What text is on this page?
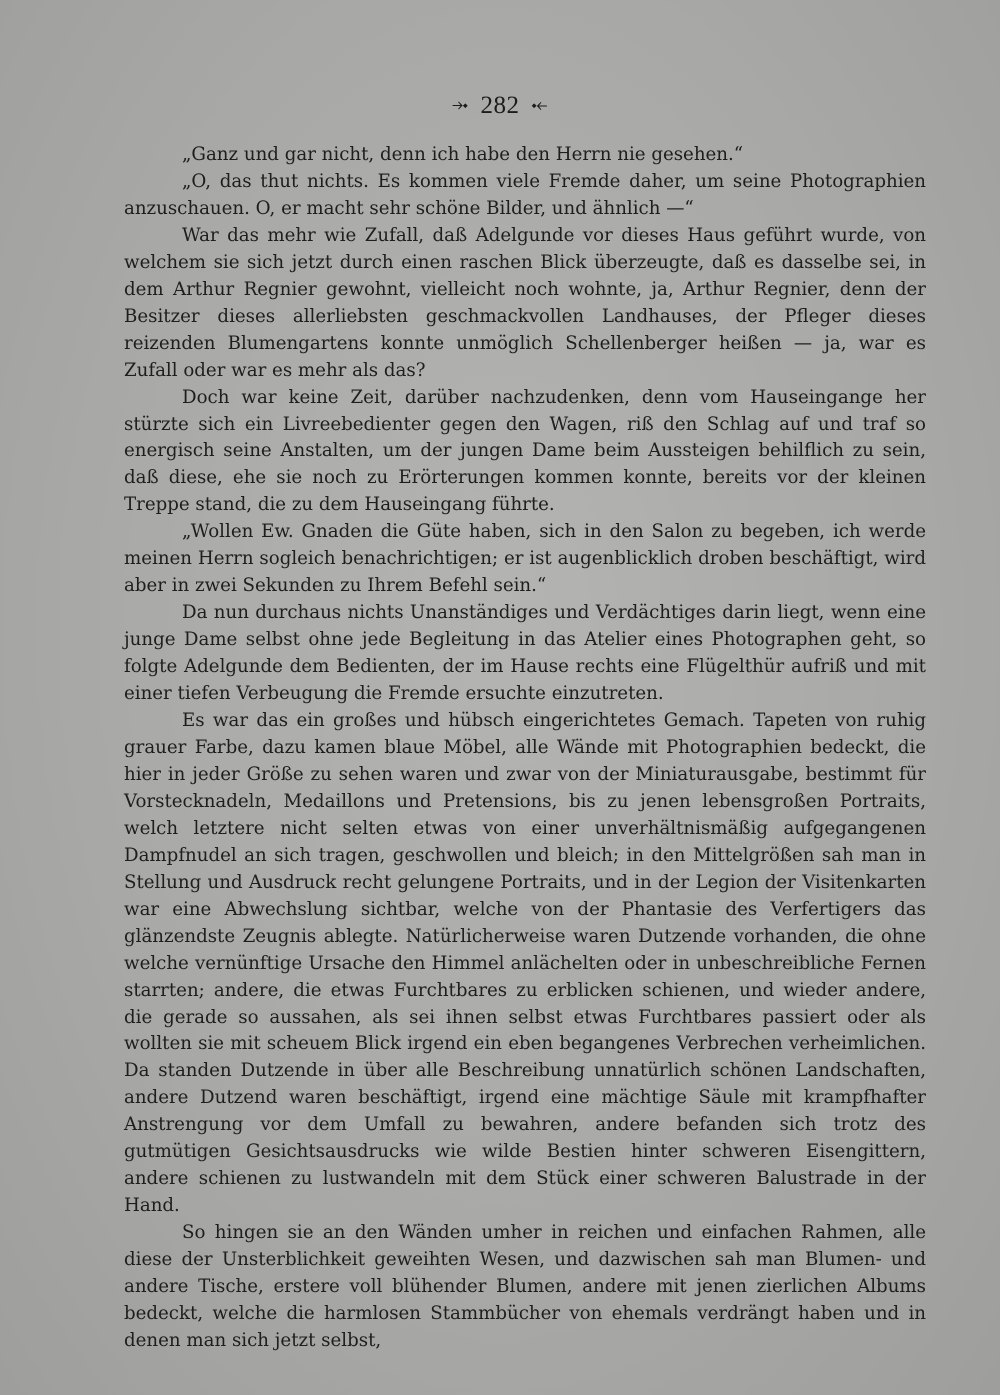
⤞ 282 ⤝

„Ganz und gar nicht, denn ich habe den Herrn nie gesehen.“

„O, das thut nichts. Es kommen viele Fremde daher, um seine Photographien anzuschauen. O, er macht sehr schöne Bilder, und ähnlich —“

War das mehr wie Zufall, daß Adelgunde vor dieses Haus geführt wurde, von welchem sie sich jetzt durch einen raschen Blick überzeugte, daß es dasselbe sei, in dem Arthur Regnier gewohnt, vielleicht noch wohnte, ja, Arthur Regnier, denn der Besitzer dieses allerliebsten geschmackvollen Landhauses, der Pfleger dieses reizenden Blumengartens konnte unmöglich Schellenberger heißen — ja, war es Zufall oder war es mehr als das?

Doch war keine Zeit, darüber nachzudenken, denn vom Hauseingange her stürzte sich ein Livreebedienter gegen den Wagen, riß den Schlag auf und traf so energisch seine Anstalten, um der jungen Dame beim Aussteigen behilflich zu sein, daß diese, ehe sie noch zu Erörterungen kommen konnte, bereits vor der kleinen Treppe stand, die zu dem Hauseingang führte.

„Wollen Ew. Gnaden die Güte haben, sich in den Salon zu begeben, ich werde meinen Herrn sogleich benachrichtigen; er ist augenblicklich droben beschäftigt, wird aber in zwei Sekunden zu Ihrem Befehl sein.“

Da nun durchaus nichts Unanständiges und Verdächtiges darin liegt, wenn eine junge Dame selbst ohne jede Begleitung in das Atelier eines Photographen geht, so folgte Adelgunde dem Bedienten, der im Hause rechts eine Flügelthür aufriß und mit einer tiefen Verbeugung die Fremde ersuchte einzutreten.

Es war das ein großes und hübsch eingerichtetes Gemach. Tapeten von ruhig grauer Farbe, dazu kamen blaue Möbel, alle Wände mit Photographien bedeckt, die hier in jeder Größe zu sehen waren und zwar von der Miniaturausgabe, bestimmt für Vorstecknadeln, Medaillons und Pretensions, bis zu jenen lebensgroßen Portraits, welch letztere nicht selten etwas von einer unverhältnismäßig aufgegangenen Dampfnudel an sich tragen, geschwollen und bleich; in den Mittelgrößen sah man in Stellung und Ausdruck recht gelungene Portraits, und in der Legion der Visitenkarten war eine Abwechslung sichtbar, welche von der Phantasie des Verfertigers das glänzendste Zeugnis ablegte. Natürlicherweise waren Dutzende vorhanden, die ohne welche vernünftige Ursache den Himmel anlächelten oder in unbeschreibliche Fernen starrten; andere, die etwas Furchtbares zu erblicken schienen, und wieder andere, die gerade so aussahen, als sei ihnen selbst etwas Furchtbares passiert oder als wollten sie mit scheuem Blick irgend ein eben begangenes Verbrechen verheimlichen. Da standen Dutzende in über alle Beschreibung unnatürlich schönen Landschaften, andere Dutzend waren beschäftigt, irgend eine mächtige Säule mit krampfhafter Anstrengung vor dem Umfall zu bewahren, andere befanden sich trotz des gutmütigen Gesichtsausdrucks wie wilde Bestien hinter schweren Eisengittern, andere schienen zu lustwandeln mit dem Stück einer schweren Balustrade in der Hand.

So hingen sie an den Wänden umher in reichen und einfachen Rahmen, alle diese der Unsterblichkeit geweihten Wesen, und dazwischen sah man Blumen- und andere Tische, erstere voll blühender Blumen, andere mit jenen zierlichen Albums bedeckt, welche die harmlosen Stammbücher von ehemals verdrängt haben und in denen man sich jetzt selbst,
